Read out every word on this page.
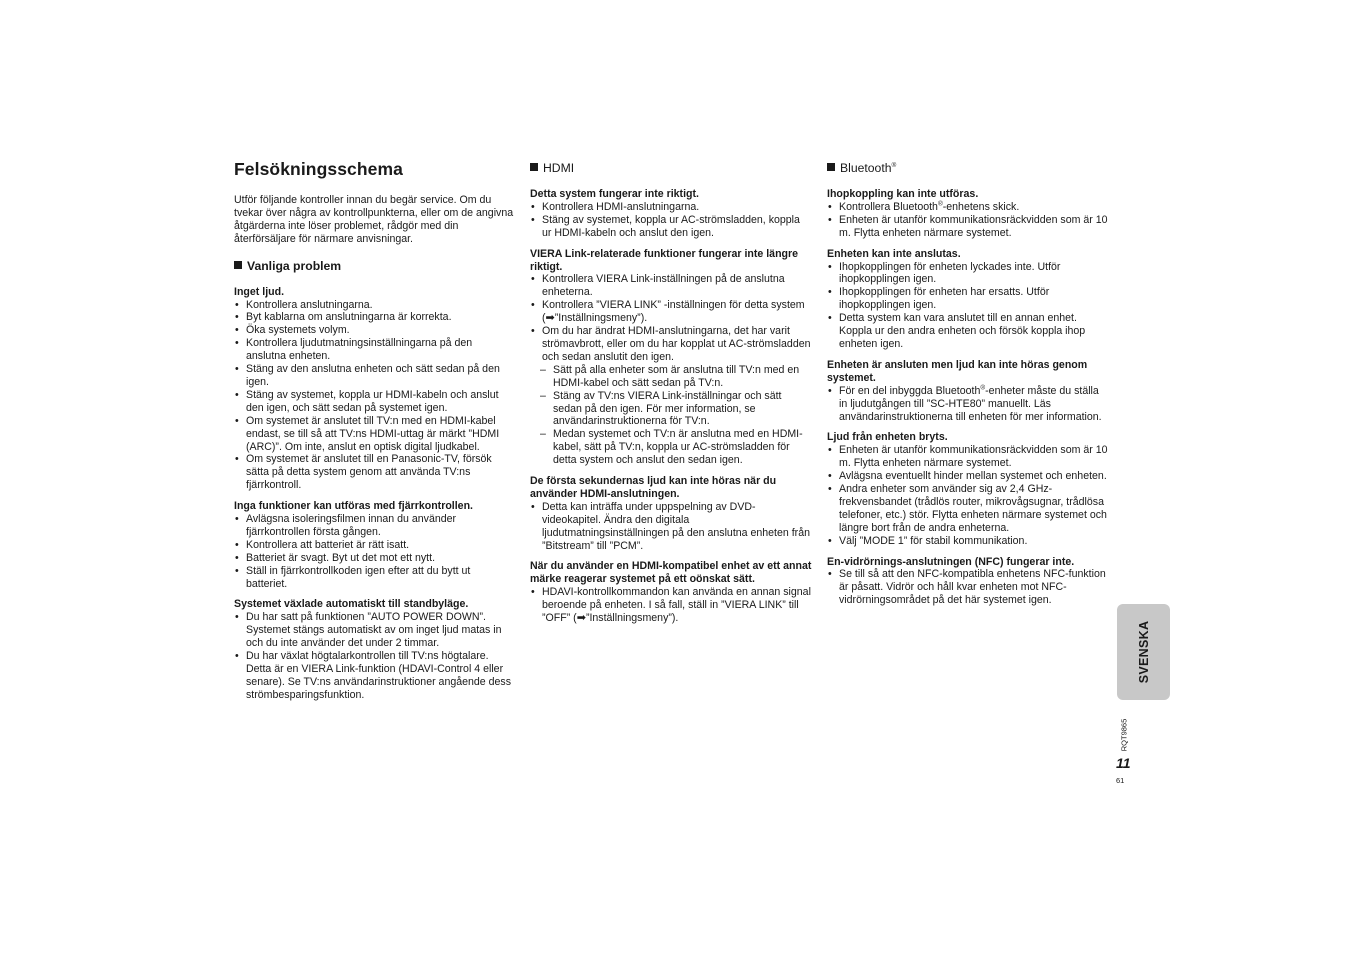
Felsökningsschema

Utför följande kontroller innan du begär service. Om du tvekar över några av kontrollpunkterna, eller om de angivna åtgärderna inte löser problemet, rådgör med din återförsäljare för närmare anvisningar.

Vanliga problem

Inget ljud.

• Kontrollera anslutningarna.
• Byt kablarna om anslutningarna är korrekta.
• Öka systemets volym.
• Kontrollera ljudutmatningsinställningarna på den anslutna enheten.
• Stäng av den anslutna enheten och sätt sedan på den igen.
• Stäng av systemet, koppla ur HDMI-kabeln och anslut den igen, och sätt sedan på systemet igen.
• Om systemet är anslutet till TV:n med en HDMI-kabel endast, se till så att TV:ns HDMI-uttag är märkt ”HDMI (ARC)”. Om inte, anslut en optisk digital ljudkabel.
• Om systemet är anslutet till en Panasonic-TV, försök sätta på detta system genom att använda TV:ns fjärrkontroll.

Inga funktioner kan utföras med fjärrkontrollen.

• Avlägsna isoleringsfilmen innan du använder fjärrkontrollen första gången.
• Kontrollera att batteriet är rätt isatt.
• Batteriet är svagt. Byt ut det mot ett nytt.
• Ställ in fjärrkontrollkoden igen efter att du bytt ut batteriet.

Systemet växlade automatiskt till standbyläge.

• Du har satt på funktionen ”AUTO POWER DOWN”. Systemet stängs automatiskt av om inget ljud matas in och du inte använder det under 2 timmar.
• Du har växlat högtalarkontrollen till TV:ns högtalare. Detta är en VIERA Link-funktion (HDAVI-Control 4 eller senare). Se TV:ns användarinstruktioner angående dess strömbesparingsfunktion.
HDMI

Detta system fungerar inte riktigt.

• Kontrollera HDMI-anslutningarna.
• Stäng av systemet, koppla ur AC-strömsladden, koppla ur HDMI-kabeln och anslut den igen.

VIERA Link-relaterade funktioner fungerar inte längre riktigt.

• Kontrollera VIERA Link-inställningen på de anslutna enheterna.
• Kontrollera ”VIERA LINK” -inställningen för detta system (➡”Inställningsmeny”).
• Om du har ändrat HDMI-anslutningarna, det har varit strömavbrott, eller om du har kopplat ut AC-strömsladden och sedan anslutit den igen.
– Sätt på alla enheter som är anslutna till TV:n med en HDMI-kabel och sätt sedan på TV:n.
– Stäng av TV:ns VIERA Link-inställningar och sätt sedan på den igen. För mer information, se användarinstruktionerna för TV:n.
– Medan systemet och TV:n är anslutna med en HDMI-kabel, sätt på TV:n, koppla ur AC-strömsladden för detta system och anslut den sedan igen.

De första sekundernas ljud kan inte höras när du använder HDMI-anslutningen.

• Detta kan inträffa under uppspelning av DVD-videokapitel. Ändra den digitala ljudutmatningsinställningen på den anslutna enheten från ”Bitstream” till ”PCM”.

När du använder en HDMI-kompatibel enhet av ett annat märke reagerar systemet på ett oönskat sätt.

• HDAVI-kontrollkommandon kan använda en annan signal beroende på enheten. I så fall, ställ in ”VIERA LINK” till ”OFF” (➡”Inställningsmeny”).
Bluetooth®

Ihopkoppling kan inte utföras.

• Kontrollera Bluetooth®-enhetens skick.
• Enheten är utanför kommunikationsräckvidden som är 10 m. Flytta enheten närmare systemet.

Enheten kan inte anslutas.

• Ihopkopplingen för enheten lyckades inte. Utför ihopkopplingen igen.
• Ihopkopplingen för enheten har ersatts. Utför ihopkopplingen igen.
• Detta system kan vara anslutet till en annan enhet. Koppla ur den andra enheten och försök koppla ihop enheten igen.

Enheten är ansluten men ljud kan inte höras genom systemet.

• För en del inbyggda Bluetooth®-enheter måste du ställa in ljudutgången till ”SC-HTE80” manuellt. Läs användarinstruktionerna till enheten för mer information.

Ljud från enheten bryts.

• Enheten är utanför kommunikationsräckvidden som är 10 m. Flytta enheten närmare systemet.
• Avlägsna eventuellt hinder mellan systemet och enheten.
• Andra enheter som använder sig av 2,4 GHz-frekvensbandet (trådlös router, mikrovågsugnar, trådlösa telefoner, etc.) stör. Flytta enheten närmare systemet och längre bort från de andra enheterna.
• Välj ”MODE 1” för stabil kommunikation.

En-vidrörnings-anslutningen (NFC) fungerar inte.

• Se till så att den NFC-kompatibla enhetens NFC-funktion är påsatt. Vidrör och håll kvar enheten mot NFC-vidrörningsområdet på det här systemet igen.
SVENSKA
RQT9865
11
61
